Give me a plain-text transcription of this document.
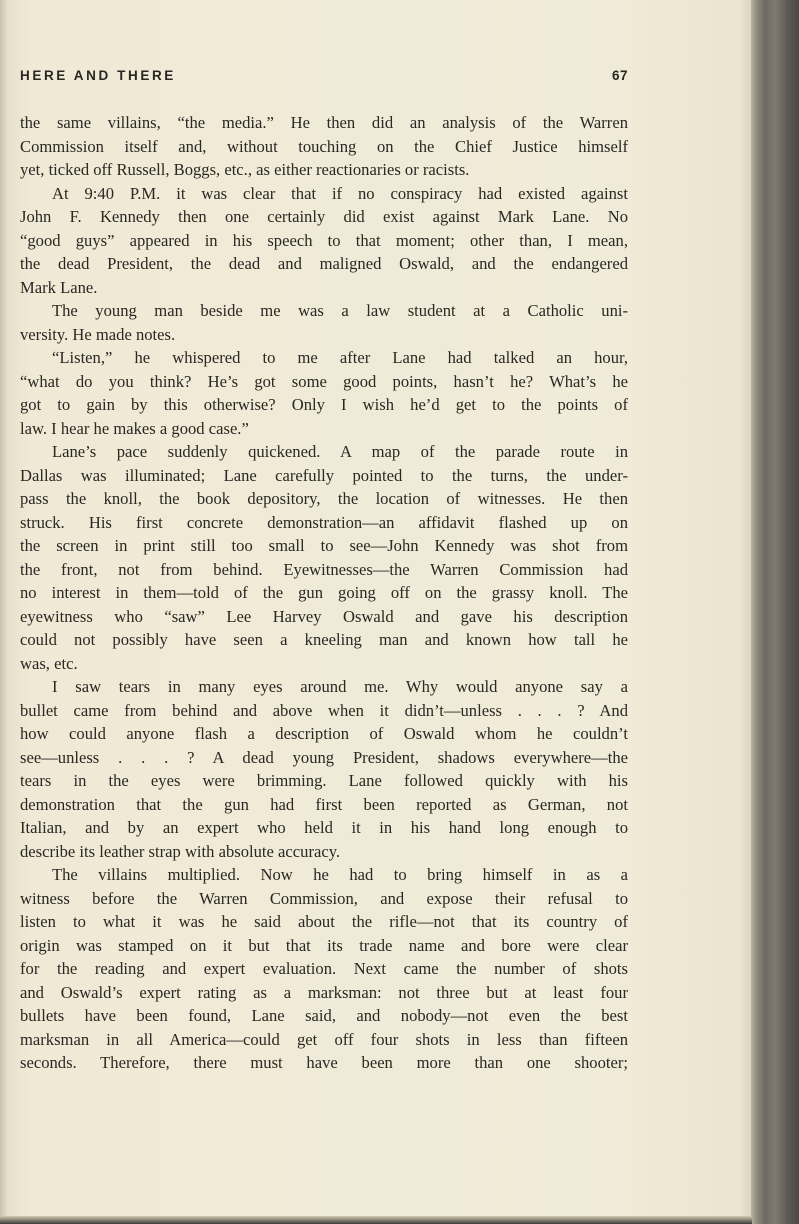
HERE AND THERE	67
the same villains, “the media.” He then did an analysis of the Warren
Commission itself and, without touching on the Chief Justice himself
yet, ticked off Russell, Boggs, etc., as either reactionaries or racists.
At 9:40 P.M. it was clear that if no conspiracy had existed against
John F. Kennedy then one certainly did exist against Mark Lane. No
“good guys” appeared in his speech to that moment; other than, I mean,
the dead President, the dead and maligned Oswald, and the endangered
Mark Lane.
The young man beside me was a law student at a Catholic uni-
versity. He made notes.
“Listen,” he whispered to me after Lane had talked an hour,
“what do you think? He’s got some good points, hasn’t he? What’s he
got to gain by this otherwise? Only I wish he’d get to the points of
law. I hear he makes a good case.”
Lane’s pace suddenly quickened. A map of the parade route in
Dallas was illuminated; Lane carefully pointed to the turns, the under-
pass the knoll, the book depository, the location of witnesses. He then
struck. His first concrete demonstration—an affidavit flashed up on
the screen in print still too small to see—John Kennedy was shot from
the front, not from behind. Eyewitnesses—the Warren Commission had
no interest in them—told of the gun going off on the grassy knoll. The
eyewitness who “saw” Lee Harvey Oswald and gave his description
could not possibly have seen a kneeling man and known how tall he
was, etc.
I saw tears in many eyes around me. Why would anyone say a
bullet came from behind and above when it didn’t—unless . . . ? And
how could anyone flash a description of Oswald whom he couldn’t
see—unless . . . ? A dead young President, shadows everywhere—the
tears in the eyes were brimming. Lane followed quickly with his
demonstration that the gun had first been reported as German, not
Italian, and by an expert who held it in his hand long enough to
describe its leather strap with absolute accuracy.
The villains multiplied. Now he had to bring himself in as a
witness before the Warren Commission, and expose their refusal to
listen to what it was he said about the rifle—not that its country of
origin was stamped on it but that its trade name and bore were clear
for the reading and expert evaluation. Next came the number of shots
and Oswald’s expert rating as a marksman: not three but at least four
bullets have been found, Lane said, and nobody—not even the best
marksman in all America—could get off four shots in less than fifteen
seconds. Therefore, there must have been more than one shooter;
